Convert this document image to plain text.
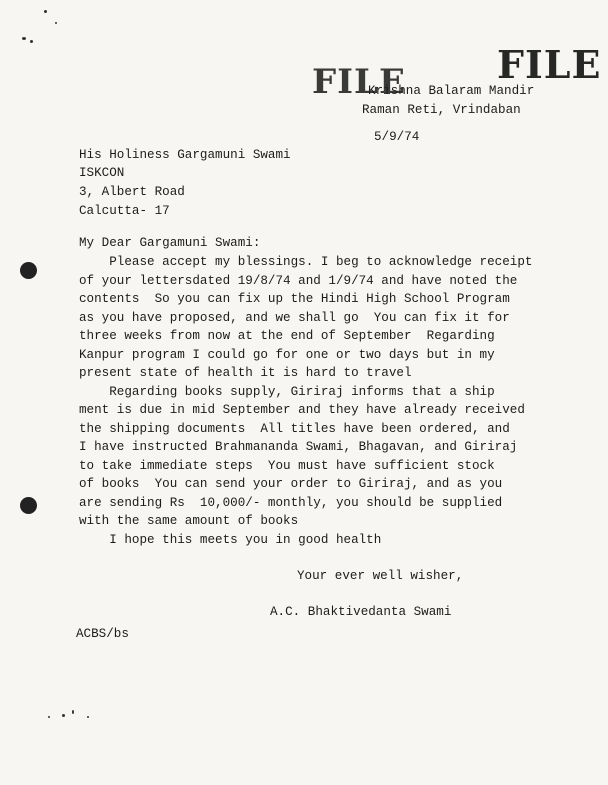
FILE FILE
Krishna Balaram Mandir
Raman Reti, Vrindaban
5/9/74
His Holiness Gargamuni Swami
ISKCON
3, Albert Road
Calcutta- 17
My Dear Gargamuni Swami:
Please accept my blessings. I beg to acknowledge receipt
of your lettersdated 19/8/74 and 1/9/74 and have noted the
contents  So you can fix up the Hindi High School Program
as you have proposed, and we shall go  You can fix it for
three weeks from now at the end of September  Regarding
Kanpur program I could go for one or two days but in my
present state of health it is hard to travel
Regarding books supply, Giriraj informs that a ship
ment is due in mid September and they have already received
the shipping documents  All titles have been ordered, and
I have instructed Brahmananda Swami, Bhagavan, and Giriraj
to take immediate steps  You must have sufficient stock
of books  You can send your order to Giriraj, and as you
are sending Rs  10,000/- monthly, you should be supplied
with the same amount of books
I hope this meets you in good health
Your ever well wisher,
A.C. Bhaktivedanta Swami
ACBS/bs
